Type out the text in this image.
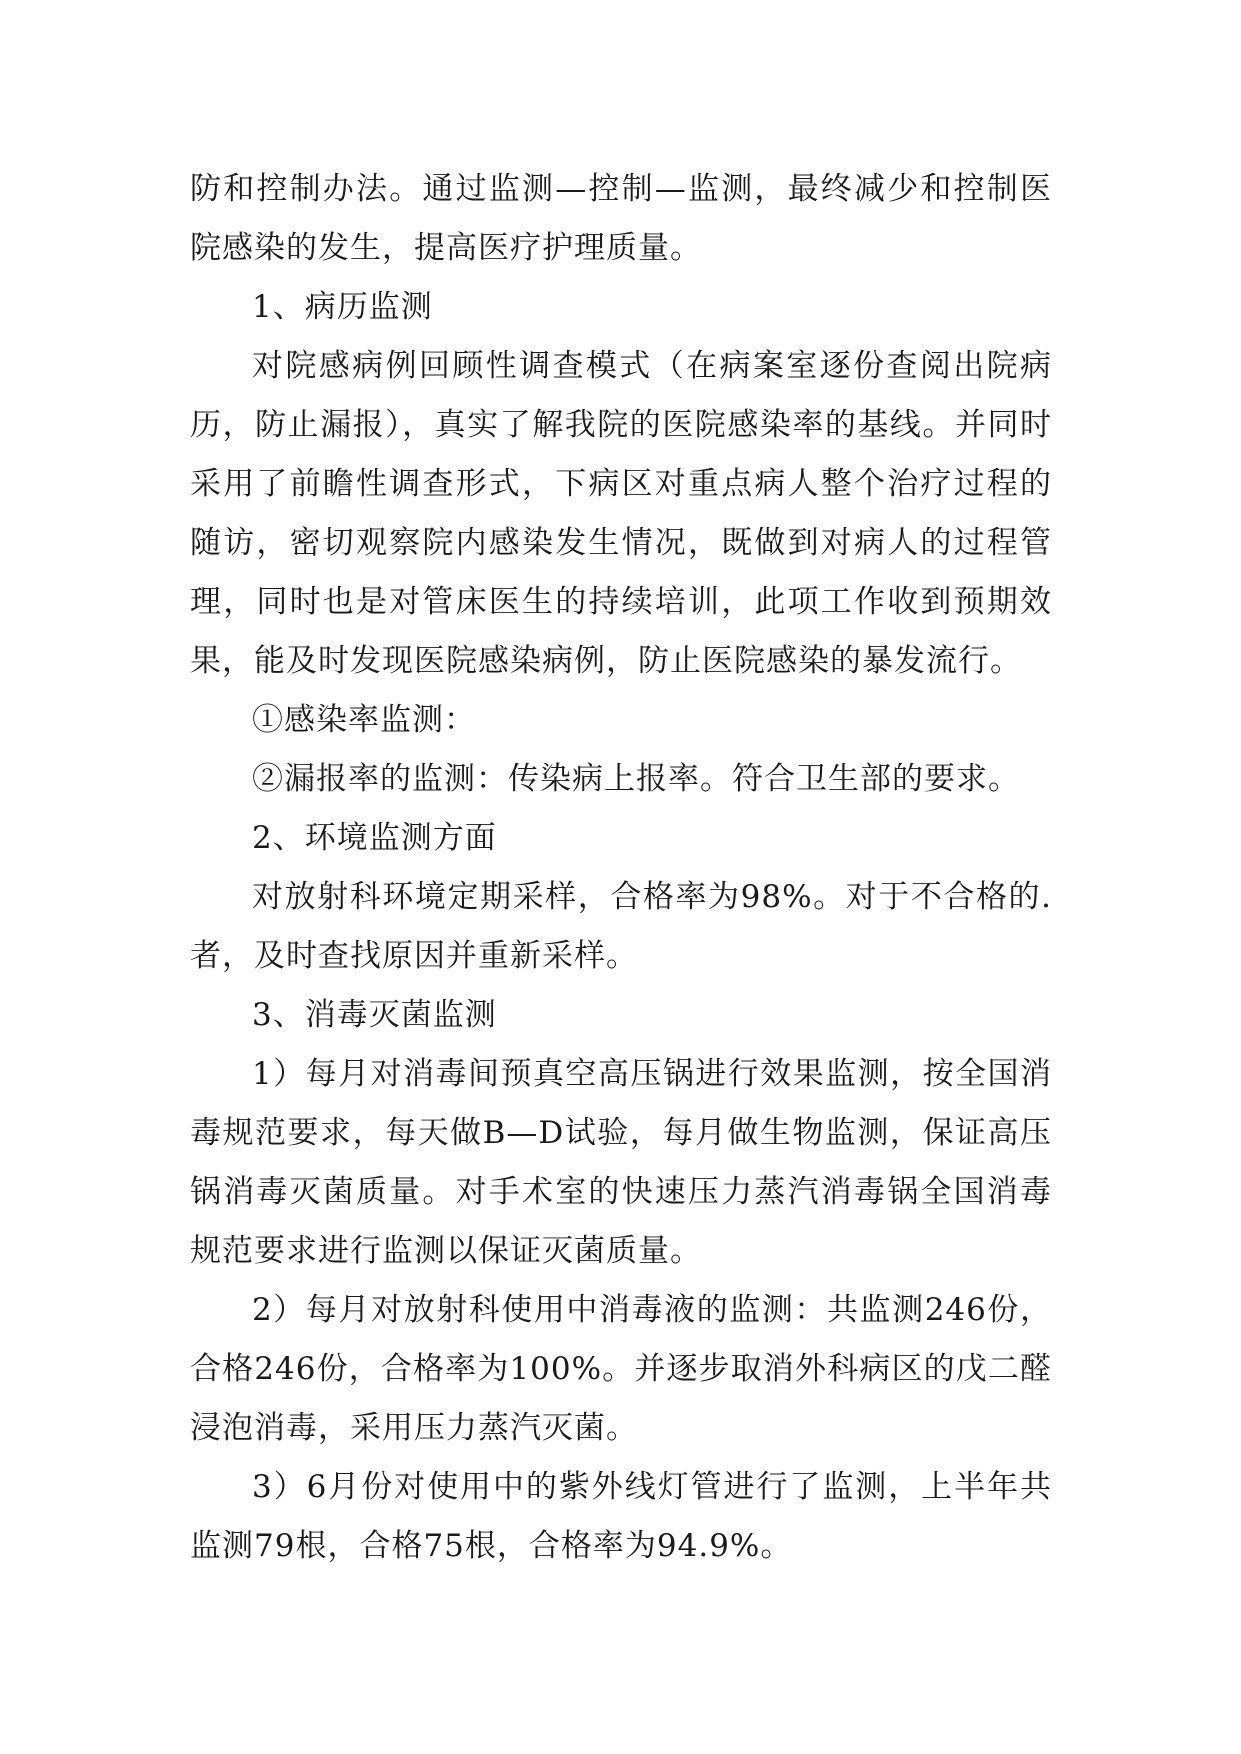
防和控制办法。通过监测—控制—监测，最终减少和控制医院感染的发生，提高医疗护理质量。

1、病历监测

对院感病例回顾性调查模式（在病案室逐份查阅出院病历，防止漏报），真实了解我院的医院感染率的基线。并同时采用了前瞻性调查形式，下病区对重点病人整个治疗过程的随访，密切观察院内感染发生情况，既做到对病人的过程管理，同时也是对管床医生的持续培训，此项工作收到预期效果，能及时发现医院感染病例，防止医院感染的暴发流行。

①感染率监测：

②漏报率的监测：传染病上报率。符合卫生部的要求。

2、环境监测方面

对放射科环境定期采样，合格率为98%。对于不合格的.者，及时查找原因并重新采样。

3、消毒灭菌监测

1）每月对消毒间预真空高压锅进行效果监测，按全国消毒规范要求，每天做B—D试验，每月做生物监测，保证高压锅消毒灭菌质量。对手术室的快速压力蒸汽消毒锅全国消毒规范要求进行监测以保证灭菌质量。

2）每月对放射科使用中消毒液的监测：共监测246份，合格246份，合格率为100%。并逐步取消外科病区的戊二醛浸泡消毒，采用压力蒸汽灭菌。

3）6月份对使用中的紫外线灯管进行了监测，上半年共监测79根，合格75根，合格率为94.9%。
